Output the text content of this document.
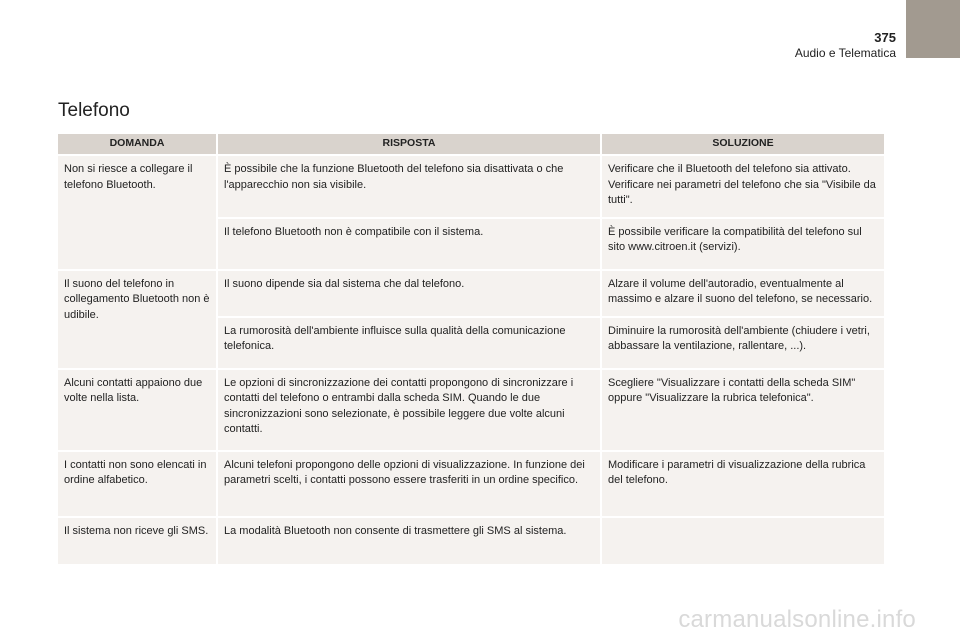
375
Audio e Telematica
Telefono
DOMANDA	RISPOSTA	SOLUZIONE
Non si riesce a collegare il telefono Bluetooth.	È possibile che la funzione Bluetooth del telefono sia disattivata o che l'apparecchio non sia visibile.	Verificare che il Bluetooth del telefono sia attivato.
Verificare nei parametri del telefono che sia "Visibile da tutti".
	Il telefono Bluetooth non è compatibile con il sistema.	È possibile verificare la compatibilità del telefono sul sito www.citroen.it (servizi).
Il suono del telefono in collegamento Bluetooth non è udibile.	Il suono dipende sia dal sistema che dal telefono.	Alzare il volume dell'autoradio, eventualmente al massimo e alzare il suono del telefono, se necessario.
	La rumorosità dell'ambiente influisce sulla qualità della comunicazione telefonica.	Diminuire la rumorosità dell'ambiente (chiudere i vetri, abbassare la ventilazione, rallentare, ...).
Alcuni contatti appaiono due volte nella lista.	Le opzioni di sincronizzazione dei contatti propongono di sincronizzare i contatti del telefono o entrambi dalla scheda SIM. Quando le due sincronizzazioni sono selezionate, è possibile leggere due volte alcuni contatti.	Scegliere "Visualizzare i contatti della scheda SIM" oppure "Visualizzare la rubrica telefonica".
I contatti non sono elencati in ordine alfabetico.	Alcuni telefoni propongono delle opzioni di visualizzazione. In funzione dei parametri scelti, i contatti possono essere trasferiti in un ordine specifico.	Modificare i parametri di visualizzazione della rubrica del telefono.
Il sistema non riceve gli SMS.	La modalità Bluetooth non consente di trasmettere gli SMS al sistema.	
carmanualsonline.info
